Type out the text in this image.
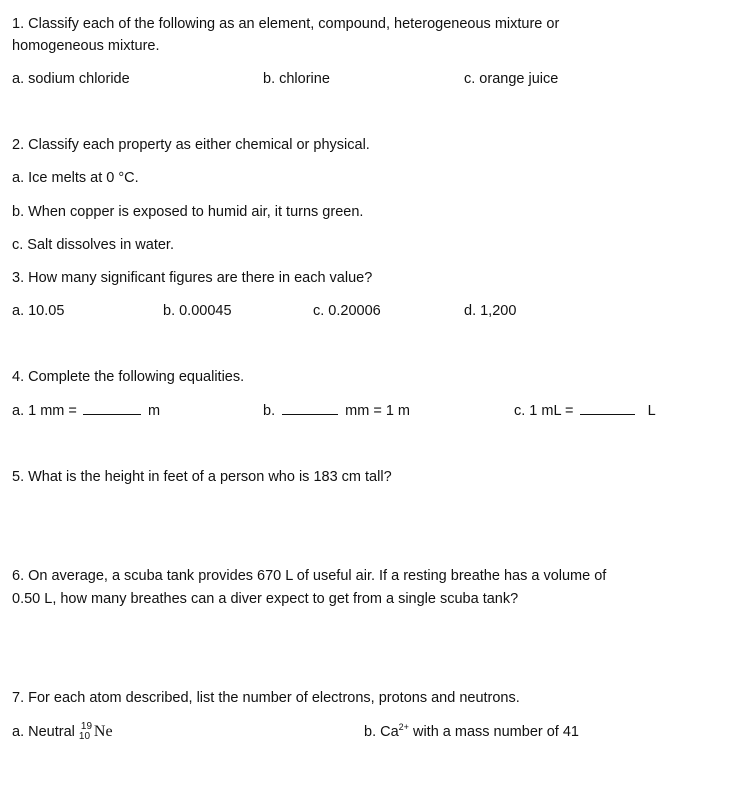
1. Classify each of the following as an element, compound, heterogeneous mixture or
homogeneous mixture.
a. sodium chloride	b. chlorine	c. orange juice
2. Classify each property as either chemical or physical.
a. Ice melts at 0 °C.
b. When copper is exposed to humid air, it turns green.
c. Salt dissolves in water.
3. How many significant figures are there in each value?
a. 10.05	b. 0.00045	c. 0.20006	d. 1,200
4. Complete the following equalities.
a. 1 mm =	m	b.	mm = 1 m	c. 1 mL =	L
5. What is the height in feet of a person who is 183 cm tall?
6. On average, a scuba tank provides 670 L of useful air. If a resting breathe has a volume of
0.50 L, how many breathes can a diver expect to get from a single scuba tank?
7. For each atom described, list the number of electrons, protons and neutrons.
a. Neutral 19
10 Ne	b. $Ca^{2+}$ with a mass number of 41
